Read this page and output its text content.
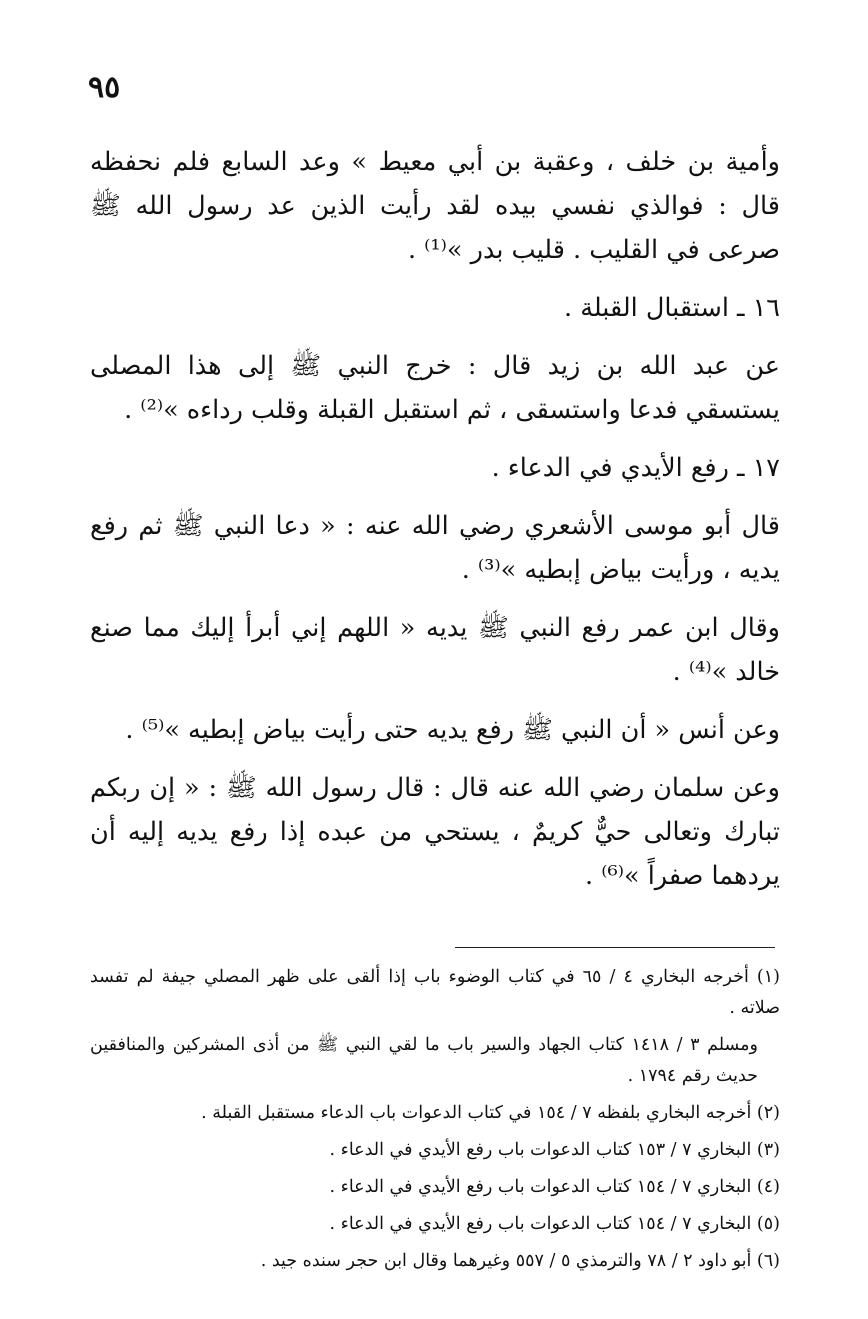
٩٥

وأمية بن خلف ، وعقبة بن أبي معيط » وعد السابع فلم نحفظه قال : فوالذي نفسي بيده لقد رأيت الذين عد رسول الله ﷺ صرعى في القليب . قليب بدر »⁽¹⁾ .

١٦ ـ استقبال القبلة .

عن عبد الله بن زيد قال : خرج النبي ﷺ إلى هذا المصلى يستسقي فدعا واستسقى ، ثم استقبل القبلة وقلب رداءه »⁽²⁾ .

١٧ ـ رفع الأيدي في الدعاء .

قال أبو موسى الأشعري رضي الله عنه : « دعا النبي ﷺ ثم رفع يديه ، ورأيت بياض إبطيه »⁽³⁾ .

وقال ابن عمر رفع النبي ﷺ يديه « اللهم إني أبرأ إليك مما صنع خالد »⁽⁴⁾ .

وعن أنس « أن النبي ﷺ رفع يديه حتى رأيت بياض إبطيه »⁽⁵⁾ .

وعن سلمان رضي الله عنه قال : قال رسول الله ﷺ : « إن ربكم تبارك وتعالى حيٌّ كريمٌ ، يستحي من عبده إذا رفع يديه إليه أن يردهما صفراً »⁽⁶⁾ .

(١) أخرجه البخاري ٤ / ٦٥ في كتاب الوضوء باب إذا ألقى على ظهر المصلي جيفة لم تفسد صلاته .

ومسلم ٣ / ١٤١٨ كتاب الجهاد والسير باب ما لقي النبي ﷺ من أذى المشركين والمنافقين حديث رقم ١٧٩٤ .

(٢) أخرجه البخاري بلفظه ٧ / ١٥٤ في كتاب الدعوات باب الدعاء مستقبل القبلة .

(٣) البخاري ٧ / ١٥٣ كتاب الدعوات باب رفع الأيدي في الدعاء .

(٤) البخاري ٧ / ١٥٤ كتاب الدعوات باب رفع الأيدي في الدعاء .

(٥) البخاري ٧ / ١٥٤ كتاب الدعوات باب رفع الأيدي في الدعاء .

(٦) أبو داود ٢ / ٧٨ والترمذي ٥ / ٥٥٧ وغيرهما وقال ابن حجر سنده جيد .
